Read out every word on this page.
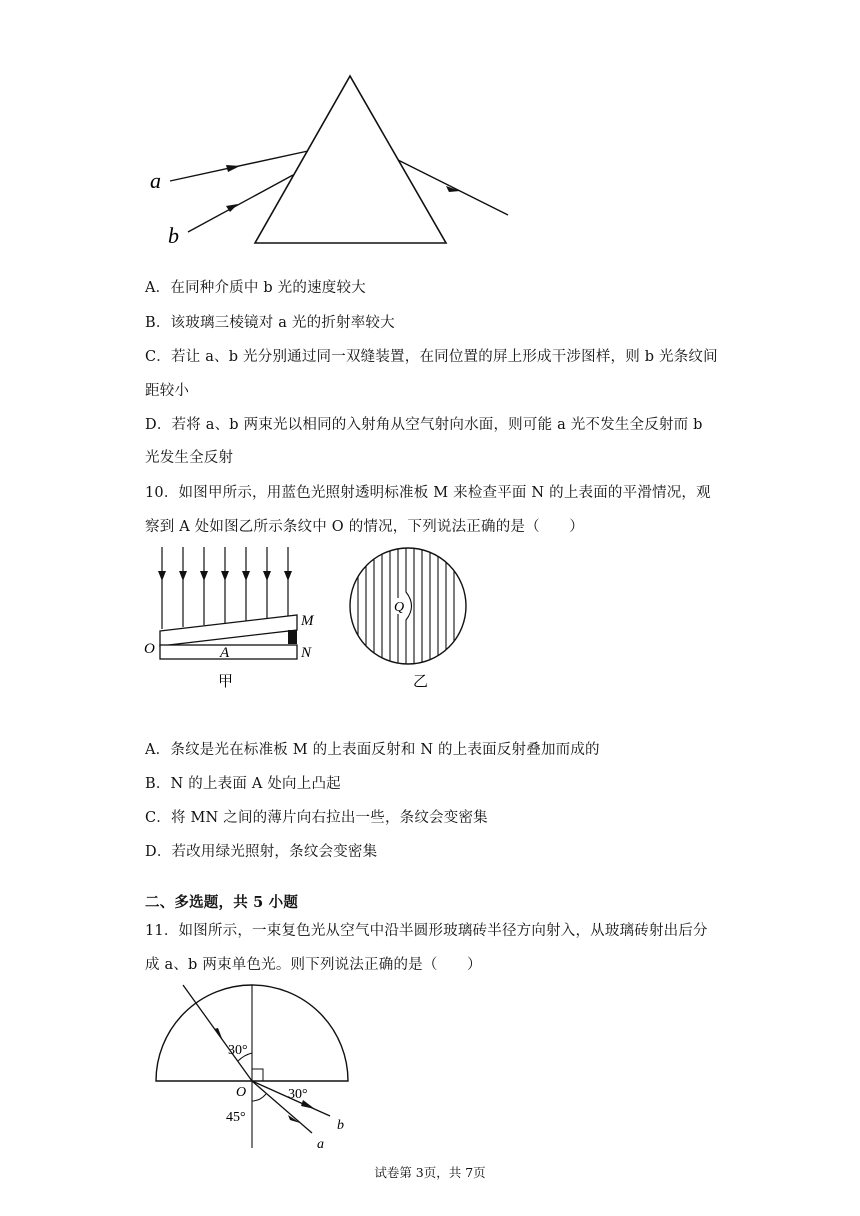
a
b
A．在同种介质中 b 光的速度较大
B．该玻璃三棱镜对 a 光的折射率较大
C．若让 a、b 光分别通过同一双缝装置，在同位置的屏上形成干涉图样，则 b 光条纹间
距较小
D．若将 a、b 两束光以相同的入射角从空气射向水面，则可能 a 光不发生全反射而 b
光发生全反射
10．如图甲所示，用蓝色光照射透明标准板 M 来检查平面 N 的上表面的平滑情况，观
察到 A 处如图乙所示条纹中 O 的情况，下列说法正确的是（　　）
M
N
O	A
甲
Q
乙
A．条纹是光在标准板 M 的上表面反射和 N 的上表面反射叠加而成的
B．N 的上表面 A 处向上凸起
C．将 MN 之间的薄片向右拉出一些，条纹会变密集
D．若改用绿光照射，条纹会变密集
二、多选题，共 5 小题
11．如图所示，一束复色光从空气中沿半圆形玻璃砖半径方向射入，从玻璃砖射出后分
成 a、b 两束单色光。则下列说法正确的是（　　）
30°
30°
45°
O
b
a
试卷第 3页，共 7页
